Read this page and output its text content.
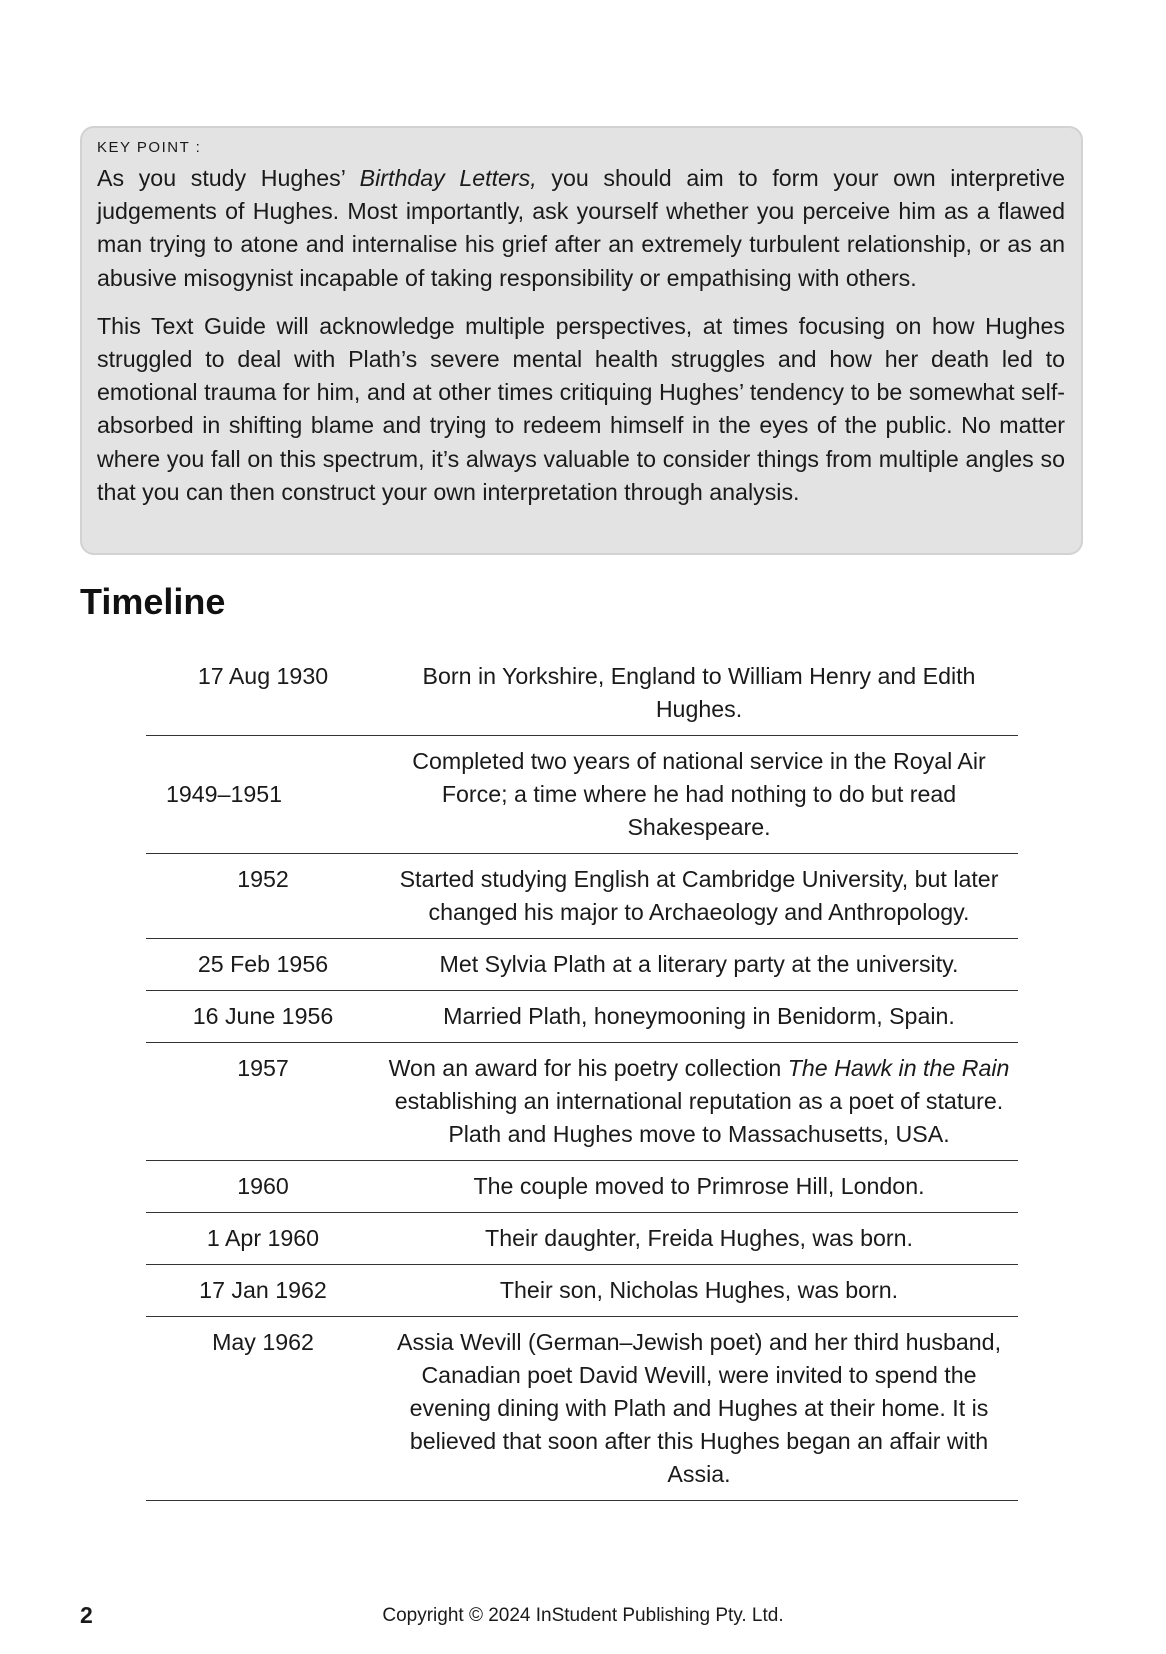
KEY POINT :

As you study Hughes’ Birthday Letters, you should aim to form your own interpretive judgements of Hughes. Most importantly, ask yourself whether you perceive him as a flawed man trying to atone and internalise his grief after an extremely turbulent relationship, or as an abusive misogynist incapable of taking responsibility or empathising with others.

This Text Guide will acknowledge multiple perspectives, at times focusing on how Hughes struggled to deal with Plath’s severe mental health struggles and how her death led to emotional trauma for him, and at other times critiquing Hughes’ tendency to be somewhat self-absorbed in shifting blame and trying to redeem himself in the eyes of the public. No matter where you fall on this spectrum, it’s always valuable to consider things from multiple angles so that you can then construct your own interpretation through analysis.

Timeline
17 Aug 1930	Born in Yorkshire, England to William Henry and Edith Hughes.
1949–1951	Completed two years of national service in the Royal Air Force; a time where he had nothing to do but read Shakespeare.
1952	Started studying English at Cambridge University, but later changed his major to Archaeology and Anthropology.
25 Feb 1956	Met Sylvia Plath at a literary party at the university.
16 June 1956	Married Plath, honeymooning in Benidorm, Spain.
1957	Won an award for his poetry collection The Hawk in the Rain establishing an international reputation as a poet of stature. Plath and Hughes move to Massachusetts, USA.
1960	The couple moved to Primrose Hill, London.
1 Apr 1960	Their daughter, Freida Hughes, was born.
17 Jan 1962	Their son, Nicholas Hughes, was born.
May 1962	Assia Wevill (German–Jewish poet) and her third husband, Canadian poet David Wevill, were invited to spend the evening dining with Plath and Hughes at their home. It is believed that soon after this Hughes began an affair with Assia.
2	Copyright © 2024 InStudent Publishing Pty. Ltd.
